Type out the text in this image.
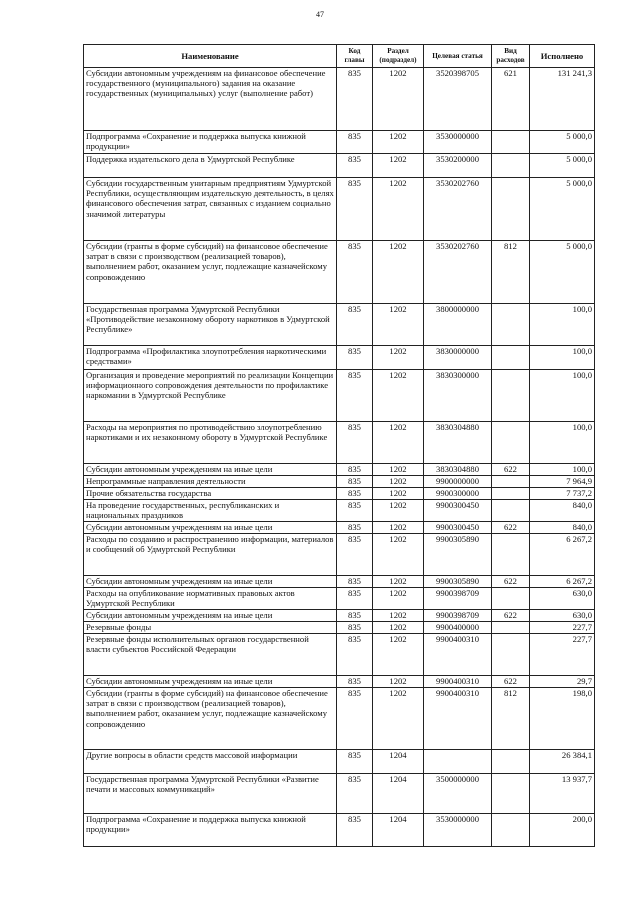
47
Наименование	Код главы	Раздел (подраздел)	Целевая статья	Вид расходов	Исполнено
Субсидии автономным учреждениям на финансовое обеспечение государственного (муниципального) задания на оказание государственных (муниципальных) услуг (выполнение работ)	835	1202	3520398705	621	131 241,3
Подпрограмма «Сохранение и поддержка выпуска книжной продукции»	835	1202	3530000000		5 000,0
Поддержка издательского дела в Удмуртской Республике	835	1202	3530200000		5 000,0
Субсидии государственным унитарным предприятиям Удмуртской Республики, осуществляющим издательскую деятельность, в целях финансового обеспечения затрат, связанных с изданием социально значимой литературы	835	1202	3530202760		5 000,0
Субсидии (гранты в форме субсидий) на финансовое обеспечение затрат в связи с производством (реализацией товаров), выполнением работ, оказанием услуг, подлежащие казначейскому сопровождению	835	1202	3530202760	812	5 000,0
Государственная программа Удмуртской Республики «Противодействие незаконному обороту наркотиков в Удмуртской Республике»	835	1202	3800000000		100,0
Подпрограмма «Профилактика злоупотребления наркотическими средствами»	835	1202	3830000000		100,0
Организация и проведение мероприятий по реализации Концепции информационного сопровождения деятельности по профилактике наркомании в Удмуртской Республике	835	1202	3830300000		100,0
Расходы на мероприятия по противодействию злоупотреблению наркотиками и их незаконному обороту в Удмуртской Республике	835	1202	3830304880		100,0
Субсидии автономным учреждениям на иные цели	835	1202	3830304880	622	100,0
Непрограммные направления деятельности	835	1202	9900000000		7 964,9
Прочие обязательства государства	835	1202	9900300000		7 737,2
На проведение государственных, республиканских и национальных праздников	835	1202	9900300450		840,0
Субсидии автономным учреждениям на иные цели	835	1202	9900300450	622	840,0
Расходы по созданию и распространению информации, материалов и сообщений об Удмуртской Республики	835	1202	9900305890		6 267,2
Субсидии автономным учреждениям на иные цели	835	1202	9900305890	622	6 267,2
Расходы на опубликование нормативных правовых актов Удмуртской Республики	835	1202	9900398709		630,0
Субсидии автономным учреждениям на иные цели	835	1202	9900398709	622	630,0
Резервные фонды	835	1202	9900400000		227,7
Резервные фонды исполнительных органов государственной власти субъектов Российской Федерации	835	1202	9900400310		227,7
Субсидии автономным учреждениям на иные цели	835	1202	9900400310	622	29,7
Субсидии (гранты в форме субсидий) на финансовое обеспечение затрат в связи с производством (реализацией товаров), выполнением работ, оказанием услуг, подлежащие казначейскому сопровождению	835	1202	9900400310	812	198,0
Другие вопросы в области средств массовой информации	835	1204			26 384,1
Государственная программа Удмуртской Республики «Развитие печати и массовых коммуникаций»	835	1204	3500000000		13 937,7
Подпрограмма «Сохранение и поддержка выпуска книжной продукции»	835	1204	3530000000		200,0
